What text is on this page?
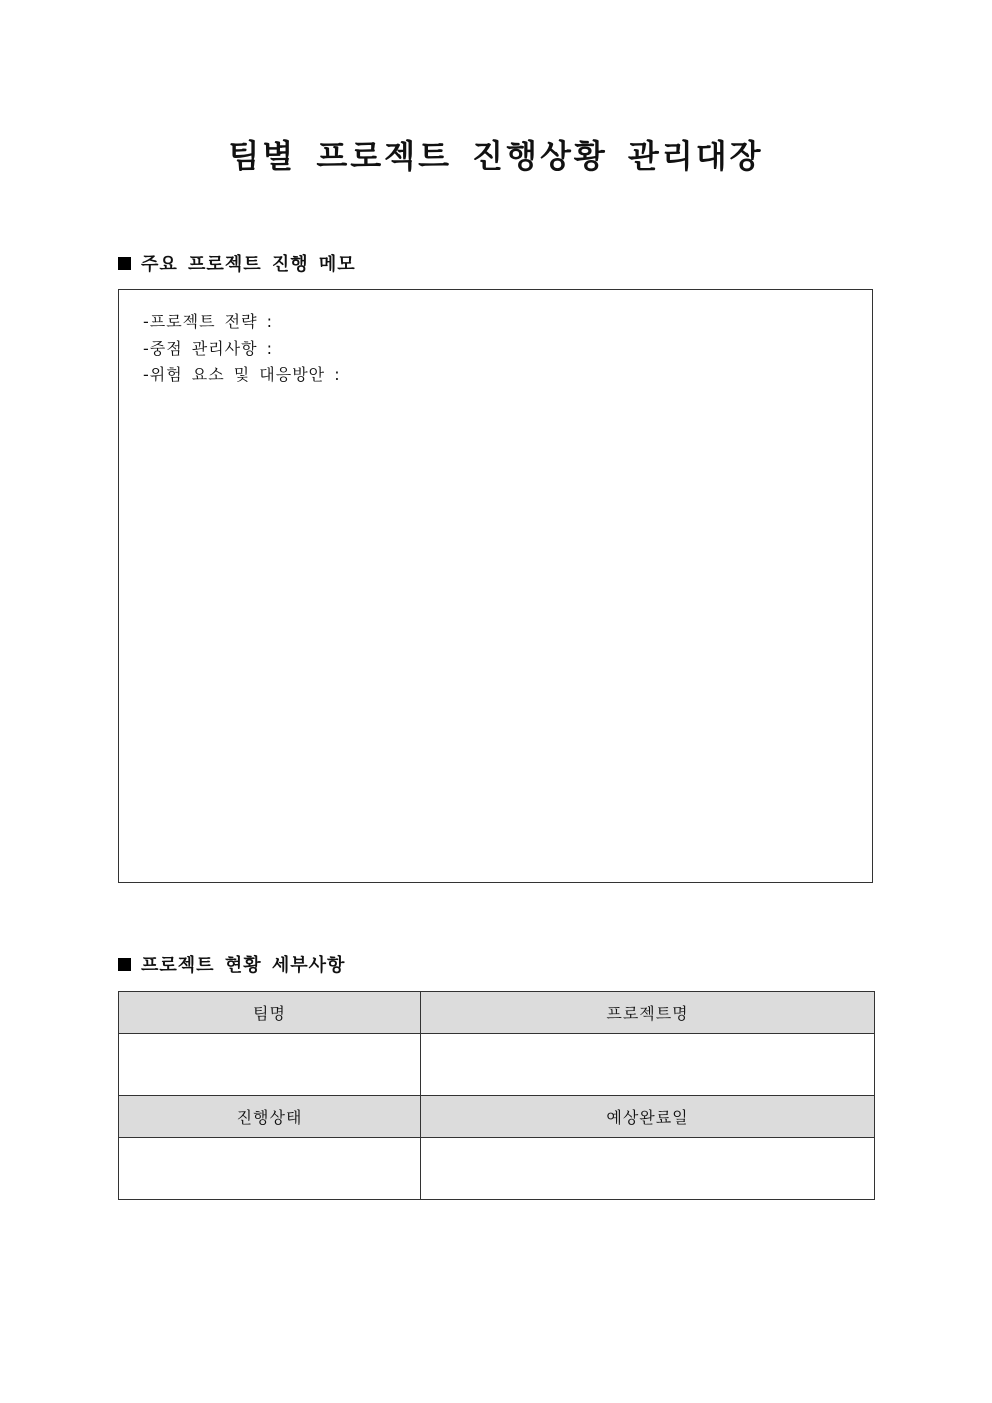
팀별 프로젝트 진행상황 관리대장
주요 프로젝트 진행 메모
-프로젝트 전략 :
-중점 관리사항 :
-위험 요소 및 대응방안 :
프로젝트 현황 세부사항
팀명	프로젝트명

진행상태	예상완료일
